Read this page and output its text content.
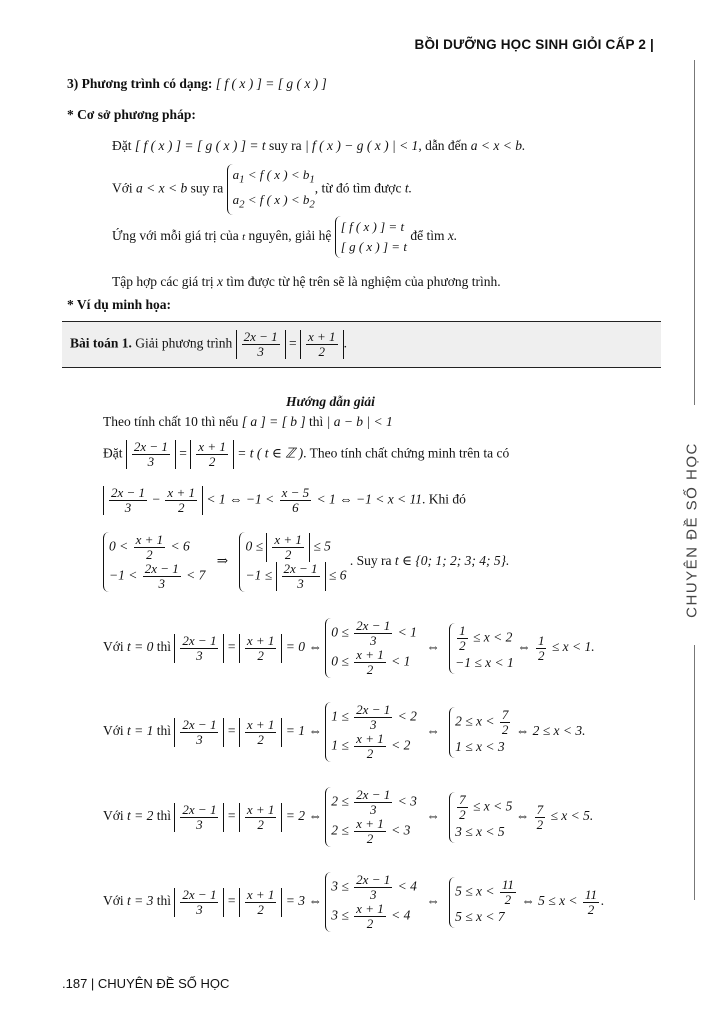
BỒI DƯỠNG HỌC SINH GIỎI CẤP 2 |
CHUYÊN ĐỀ SỐ HỌC
3) Phương trình có dạng: [ f ( x ) ] = [ g ( x ) ]
* Cơ sở phương pháp:
Đặt [ f ( x ) ] = [ g ( x ) ] = t suy ra | f ( x ) − g ( x ) | < 1, dẫn đến a < x < b.
Với a < x < b suy ra
$a_1 < f$ ( x ) < $b_1$
$a_2 < f$ ( x ) < $b_2$
, từ đó tìm được t.
Ứng với mỗi giá trị của t nguyên, giải hệ
[ f ( x ) ] = t
[ g ( x ) ] = t
để tìm x.
Tập hợp các giá trị x tìm được từ hệ trên sẽ là nghiệm của phương trình.
* Ví dụ minh họa:
Bài toán 1. Giải phương trình $\frac{2x - 1}{3} = \frac{x + 1}{2}$ .
Hướng dẫn giải
Theo tính chất 10 thì nếu [ a ] = [ b ] thì | a − b | < 1
Đặt $\frac{2x - 1}{3} = \frac{x + 1}{2} = t$ ( t ∈ ℤ ). Theo tính chất chứng minh trên ta có
$\frac{2x - 1}{3} - \frac{x + 1}{2} < 1$ ⇔ $-1 < \frac{x - 5}{6} < 1$ ⇔ −1 < x < 11. Khi đó
$0 < \frac{x + 1}{2} < 6$
$-1 < \frac{2x - 1}{3} < 7$
⇒
$0 \le \frac{x + 1}{2} \le 5$
$-1 \le \frac{2x - 1}{3} \le 6$
. Suy ra t ∈ {0; 1; 2; 3; 4; 5}.
Với t = 0 thì $\frac{2x - 1}{3} = \frac{x + 1}{2} = 0$ ⇔
$0 \le \frac{2x - 1}{3} < 1$
$0 \le \frac{x + 1}{2} < 1$
⇔ $\frac{1}{2} \le x < 2$
−1 ≤ x < 1
⇔ $\frac{1}{2} \le x < 1$.
Với t = 1 thì $\frac{2x - 1}{3} = \frac{x + 1}{2} = 1$ ⇔
$1 \le \frac{2x - 1}{3} < 2$
$1 \le \frac{x + 1}{2} < 2$
⇔
$2 \le x < \frac{7}{2}$
1 ≤ x < 3
⇔ 2 ≤ x < 3.
Với t = 2 thì $\frac{2x - 1}{3} = \frac{x + 1}{2} = 2$ ⇔
$2 \le \frac{2x - 1}{3} < 3$
$2 \le \frac{x + 1}{2} < 3$
⇔ $\frac{7}{2} \le x < 5$
3 ≤ x < 5
⇔ $\frac{7}{2} \le x < 5$.
Với t = 3 thì $\frac{2x - 1}{3} = \frac{x + 1}{2} = 3$ ⇔
$3 \le \frac{2x - 1}{3} < 4$
$3 \le \frac{x + 1}{2} < 4$
⇔
$5 \le x < \frac{11}{2}$
5 ≤ x < 7
⇔ $5 \le x < \frac{11}{2}$ .
.187 | CHUYÊN ĐỀ SỐ HỌC
